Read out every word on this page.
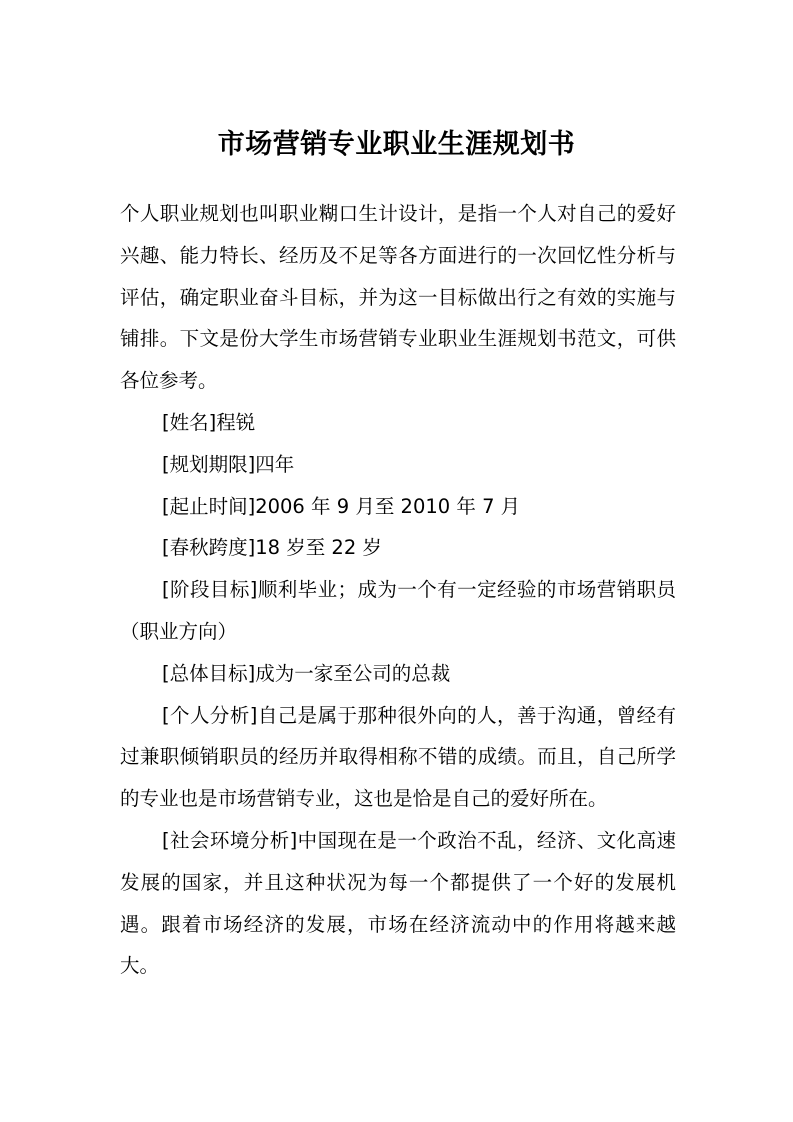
市场营销专业职业生涯规划书

个人职业规划也叫职业糊口生计设计，是指一个人对自己的爱好兴趣、能力特长、经历及不足等各方面进行的一次回忆性分析与评估，确定职业奋斗目标，并为这一目标做出行之有效的实施与铺排。下文是份大学生市场营销专业职业生涯规划书范文，可供各位参考。

[姓名]程锐

[规划期限]四年

[起止时间]2006 年 9 月至 2010 年 7 月

[春秋跨度]18 岁至 22 岁

[阶段目标]顺利毕业；成为一个有一定经验的市场营销职员（职业方向）

[总体目标]成为一家至公司的总裁

[个人分析]自己是属于那种很外向的人，善于沟通，曾经有过兼职倾销职员的经历并取得相称不错的成绩。而且，自己所学的专业也是市场营销专业，这也是恰是自己的爱好所在。

[社会环境分析]中国现在是一个政治不乱，经济、文化高速发展的国家，并且这种状况为每一个都提供了一个好的发展机遇。跟着市场经济的发展，市场在经济流动中的作用将越来越大。
